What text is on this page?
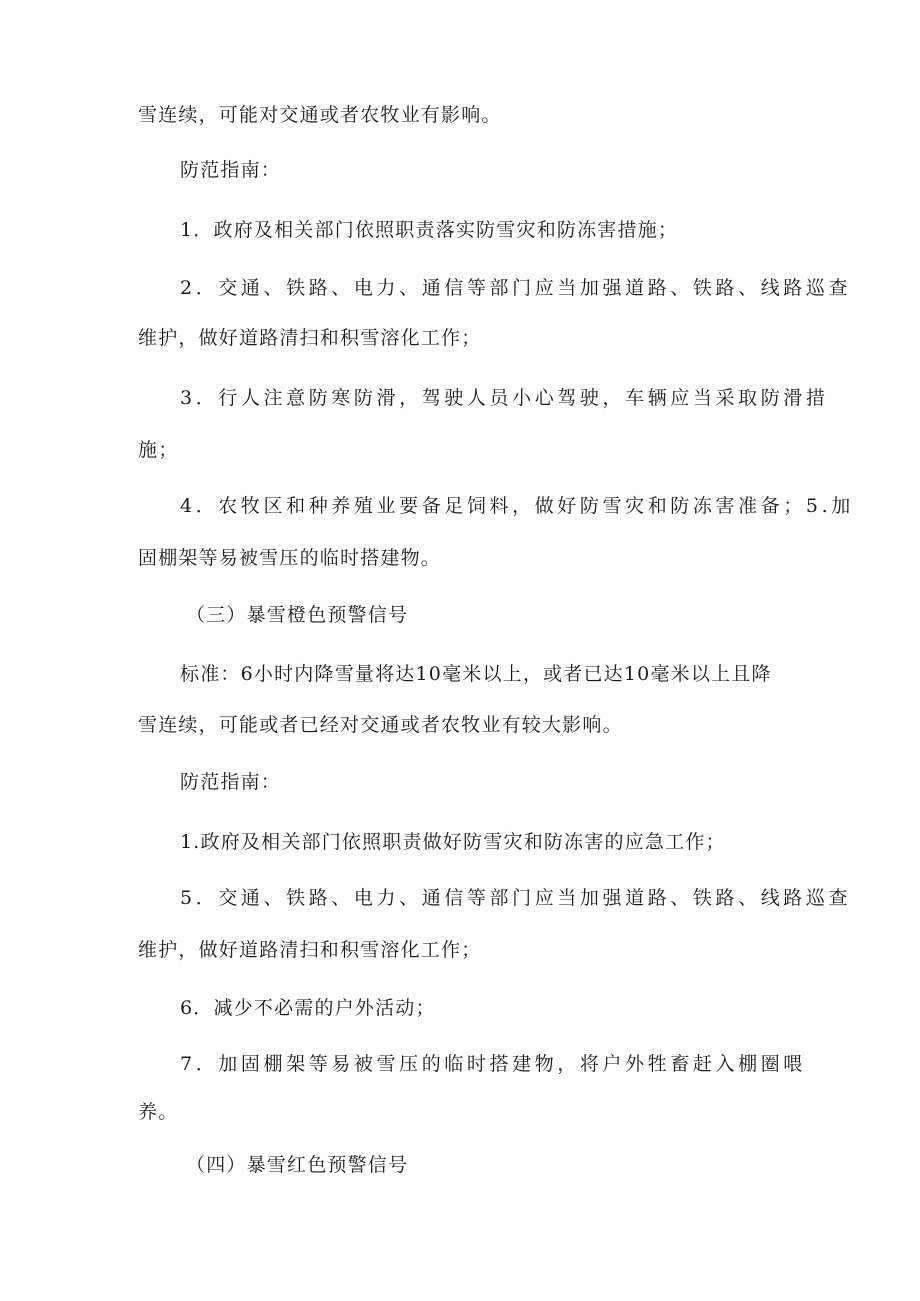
雪连续，可能对交通或者农牧业有影响。
防范指南：
1．政府及相关部门依照职责落实防雪灾和防冻害措施；
2．交通、铁路、电力、通信等部门应当加强道路、铁路、线路巡查
维护，做好道路清扫和积雪溶化工作；
3．行人注意防寒防滑，驾驶人员小心驾驶，车辆应当采取防滑措
施；
4．农牧区和种养殖业要备足饲料，做好防雪灾和防冻害准备；5.加
固棚架等易被雪压的临时搭建物。
（三）暴雪橙色预警信号
标准：6小时内降雪量将达10毫米以上，或者已达10毫米以上且降
雪连续，可能或者已经对交通或者农牧业有较大影响。
防范指南：
1.政府及相关部门依照职责做好防雪灾和防冻害的应急工作；
5．交通、铁路、电力、通信等部门应当加强道路、铁路、线路巡查
维护，做好道路清扫和积雪溶化工作；
6．减少不必需的户外活动；
7．加固棚架等易被雪压的临时搭建物，将户外牲畜赶入棚圈喂
养。
（四）暴雪红色预警信号
